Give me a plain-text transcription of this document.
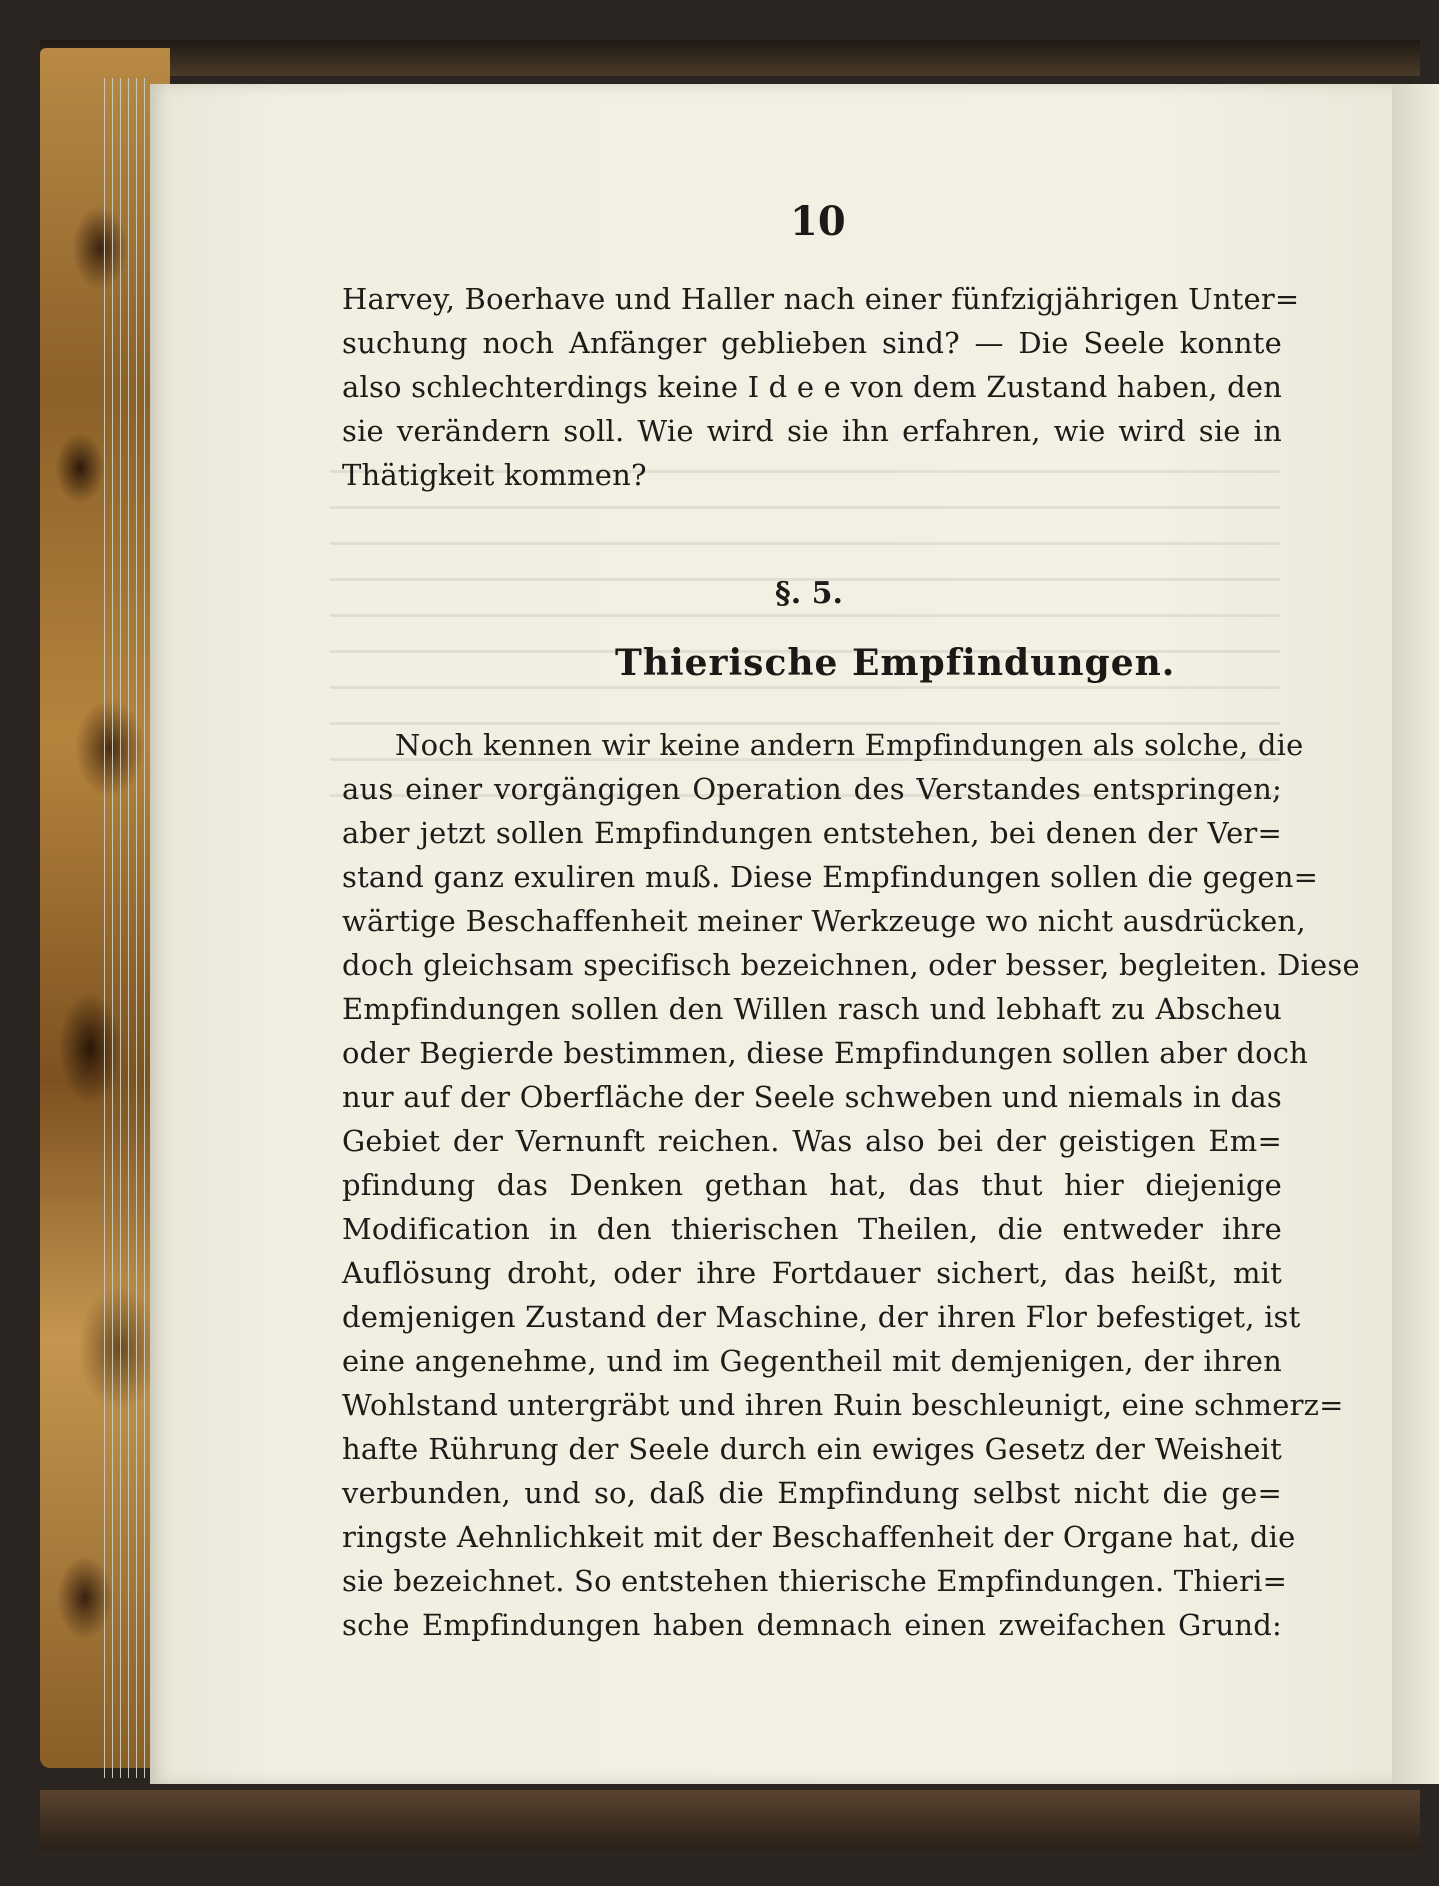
10
Harvey, Boerhave und Haller nach einer fünfzigjährigen Unter=
suchung noch Anfänger geblieben sind? — Die Seele konnte
also schlechterdings keine I d e e von dem Zustand haben, den
sie verändern soll. Wie wird sie ihn erfahren, wie wird sie in
Thätigkeit kommen?
§. 5.
Thierische Empfindungen.
Noch kennen wir keine andern Empfindungen als solche, die
aus einer vorgängigen Operation des Verstandes entspringen;
aber jetzt sollen Empfindungen entstehen, bei denen der Ver=
stand ganz exuliren muß. Diese Empfindungen sollen die gegen=
wärtige Beschaffenheit meiner Werkzeuge wo nicht ausdrücken,
doch gleichsam specifisch bezeichnen, oder besser, begleiten. Diese
Empfindungen sollen den Willen rasch und lebhaft zu Abscheu
oder Begierde bestimmen, diese Empfindungen sollen aber doch
nur auf der Oberfläche der Seele schweben und niemals in das
Gebiet der Vernunft reichen. Was also bei der geistigen Em=
pfindung das Denken gethan hat, das thut hier diejenige
Modification in den thierischen Theilen, die entweder ihre
Auflösung droht, oder ihre Fortdauer sichert, das heißt, mit
demjenigen Zustand der Maschine, der ihren Flor befestiget, ist
eine angenehme, und im Gegentheil mit demjenigen, der ihren
Wohlstand untergräbt und ihren Ruin beschleunigt, eine schmerz=
hafte Rührung der Seele durch ein ewiges Gesetz der Weisheit
verbunden, und so, daß die Empfindung selbst nicht die ge=
ringste Aehnlichkeit mit der Beschaffenheit der Organe hat, die
sie bezeichnet. So entstehen thierische Empfindungen. Thieri=
sche Empfindungen haben demnach einen zweifachen Grund:
